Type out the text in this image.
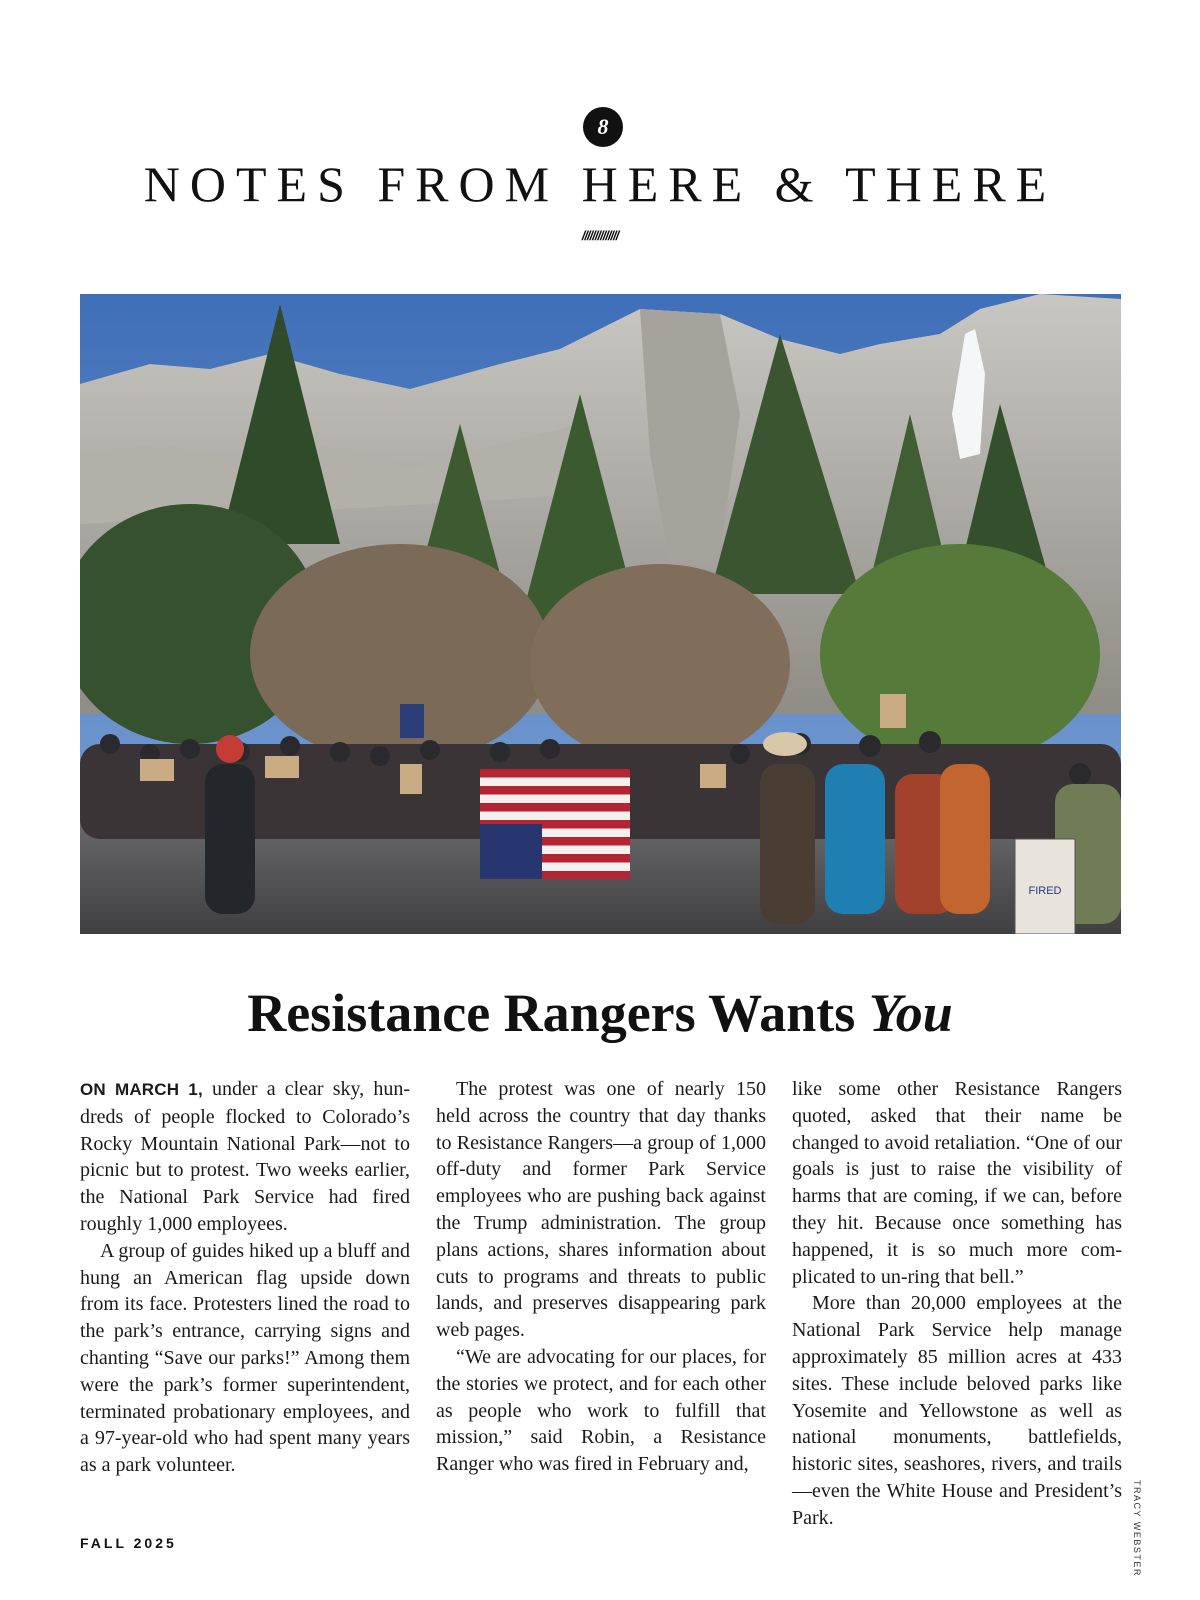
8
NOTES FROM HERE & THERE
//////////////
FIRED
Resistance Rangers Wants You

ON MARCH 1, under a clear sky, hundreds of people flocked to Colorado’s Rocky Mountain National Park—not to picnic but to protest. Two weeks earlier, the National Park Service had fired roughly 1,000 employees.

A group of guides hiked up a bluff and hung an American flag upside down from its face. Protesters lined the road to the park’s entrance, carrying signs and chanting “Save our parks!” Among them were the park’s former superintendent, terminated probationary employees, and a 97-year-old who had spent many years as a park volunteer.

The protest was one of nearly 150 held across the country that day thanks to Resistance Rangers—a group of 1,000 off-duty and former Park Service employees who are pushing back against the Trump administration. The group plans actions, shares information about cuts to programs and threats to public lands, and preserves disappearing park web pages.

“We are advocating for our places, for the stories we protect, and for each other as people who work to fulfill that mission,” said Robin, a Resistance Ranger who was fired in February and,

like some other Resistance Rangers quoted, asked that their name be changed to avoid retaliation. “One of our goals is just to raise the visibility of harms that are coming, if we can, before they hit. Because once something has happened, it is so much more complicated to un-ring that bell.”

More than 20,000 employees at the National Park Service help manage approximately 85 million acres at 433 sites. These include beloved parks like Yosemite and Yellowstone as well as national monuments, battlefields, historic sites, seashores, rivers, and trails—even the White House and President’s Park.	TRACY WEBSTER
FALL 2025
